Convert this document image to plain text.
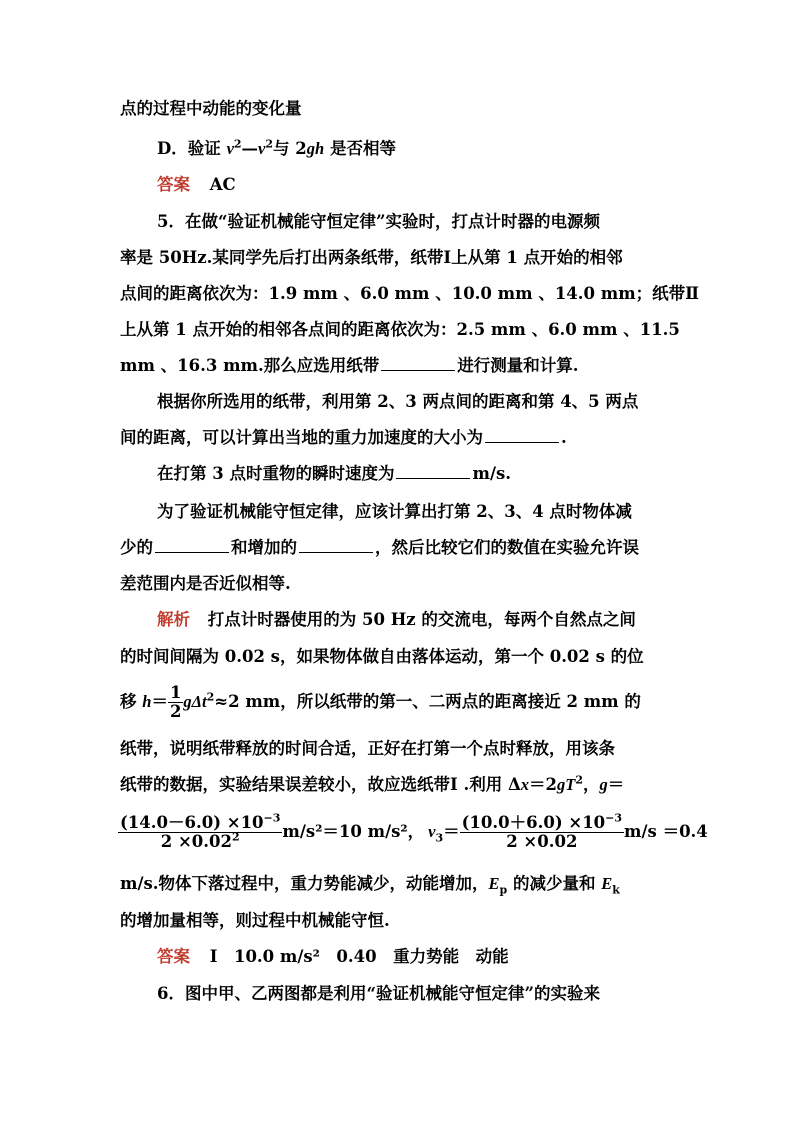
点的过程中动能的变化量
D．验证 $v^2—v^2$与 2gh 是否相等
答案 AC
5．在做“验证机械能守恒定律”实验时，打点计时器的电源频
率是 50Hz.某同学先后打出两条纸带，纸带Ⅰ上从第 1 点开始的相邻
点间的距离依次为：1.9 mm 、6.0 mm 、10.0 mm 、14.0 mm；纸带Ⅱ
上从第 1 点开始的相邻各点间的距离依次为：2.5 mm 、6.0 mm 、11.5
mm 、16.3 mm.那么应选用纸带	进行测量和计算.
根据你所选用的纸带，利用第 2、3 两点间的距离和第 4、5 两点
间的距离，可以计算出当地的重力加速度的大小为	.
在打第 3 点时重物的瞬时速度为	m/s.
为了验证机械能守恒定律，应该计算出打第 2、3、4 点时物体减
少的	和增加的	，然后比较它们的数值在实验允许误
差范围内是否近似相等.
解析 打点计时器使用的为 50 Hz 的交流电，每两个自然点之间
的时间间隔为 0.02 s，如果物体做自由落体运动，第一个 0.02 s 的位
移 $h= \frac{1}{2} g\Delta t^2\approx 2$ mm，所以纸带的第一、二两点的距离接近 2 mm 的
纸带，说明纸带释放的时间合适，正好在打第一个点时释放，用该条
纸带的数据，实验结果误差较小，故应选纸带Ⅰ .利用 $\Delta x=2gT^2$，g＝
$\frac{(14.0-6.0) \times 10^{-3}}{2 \times 0.02^2} m/s^2=10$ m/s²， $v_3= \frac{(10.0+6.0) \times 10^{-3}}{2 \times 0.02} m/s =0.4$
m/s.物体下落过程中，重力势能减少，动能增加，$E_p$ 的减少量和 $E_k$
的增加量相等，则过程中机械能守恒.
答案 Ⅰ　10.0 m/s²　0.40　重力势能　动能
6．图中甲、乙两图都是利用“验证机械能守恒定律”的实验来
